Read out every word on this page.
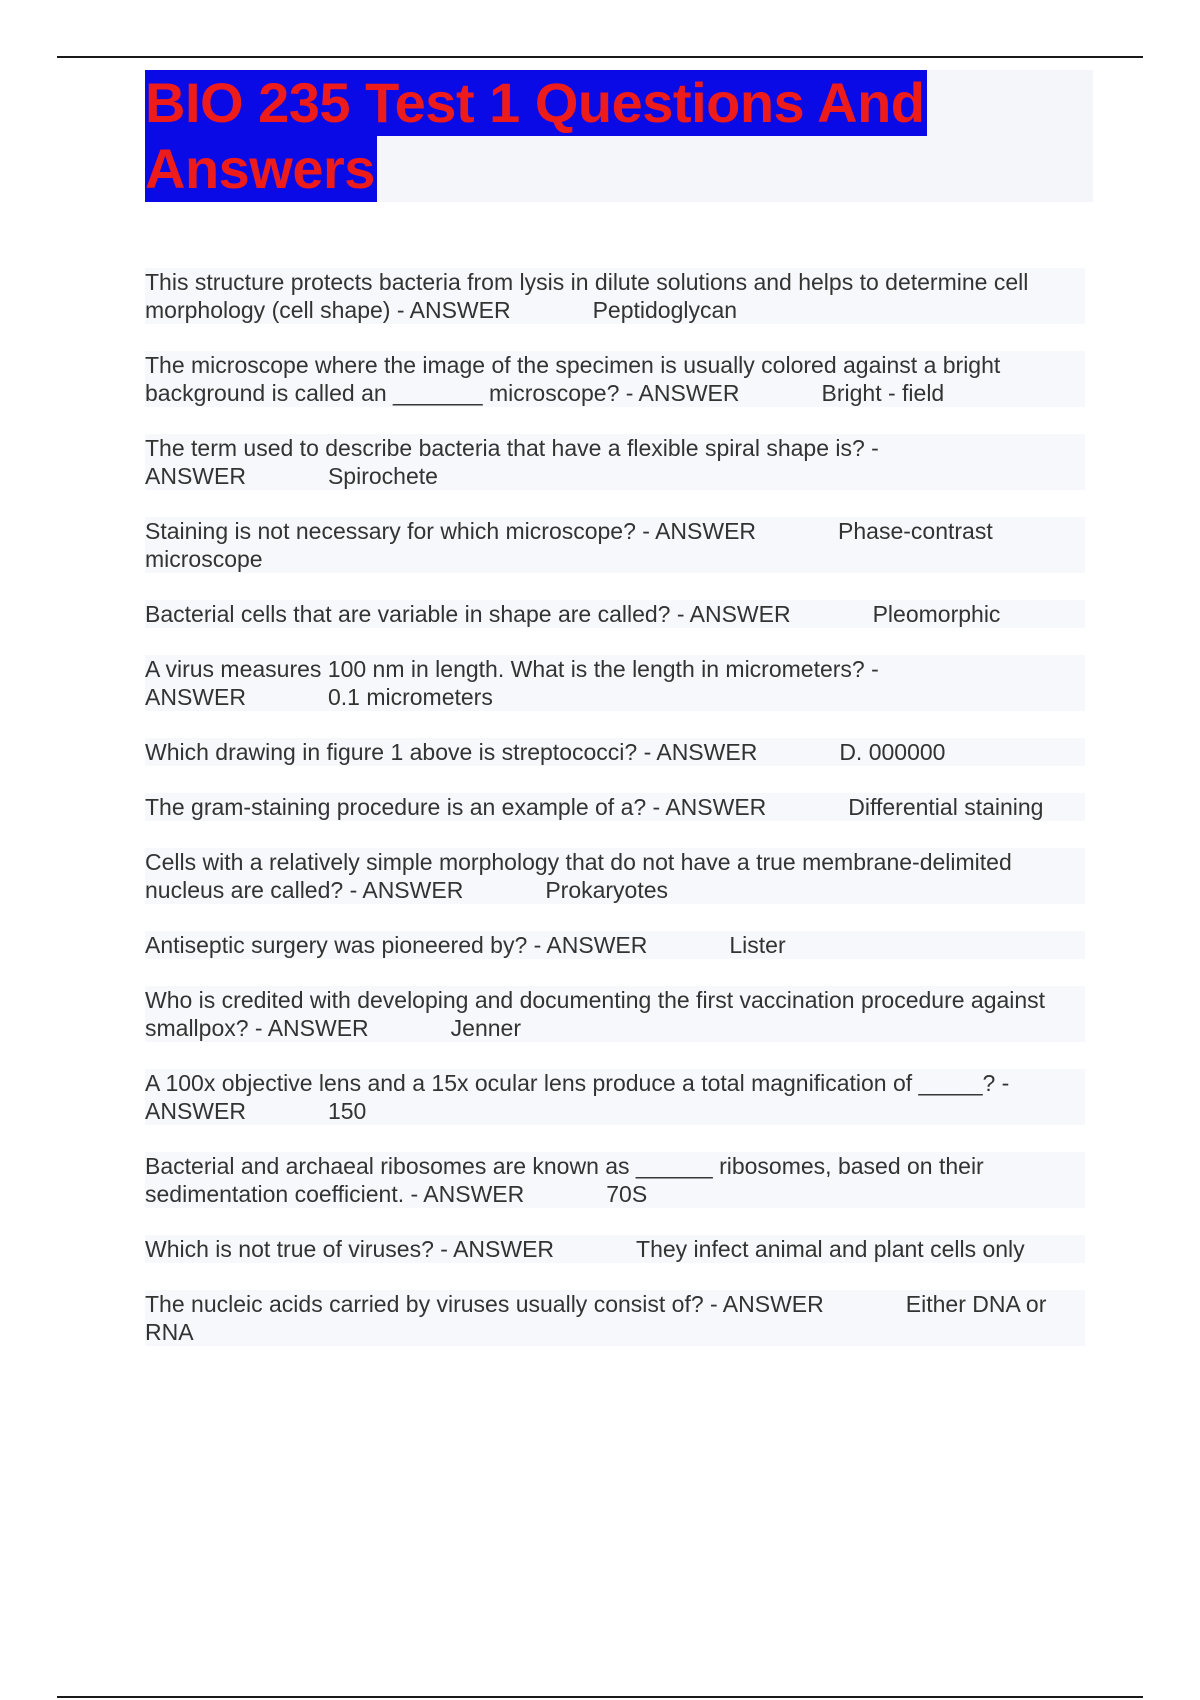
BIO 235 Test 1 Questions And
Answers
This structure protects bacteria from lysis in dilute solutions and helps to determine cell morphology (cell shape) - ANSWER	Peptidoglycan
The microscope where the image of the specimen is usually colored against a bright background is called an _______ microscope? - ANSWER	Bright - field
The term used to describe bacteria that have a flexible spiral shape is? - ANSWER	Spirochete
Staining is not necessary for which microscope? - ANSWER	Phase-contrast microscope
Bacterial cells that are variable in shape are called? - ANSWER	Pleomorphic
A virus measures 100 nm in length. What is the length in micrometers? - ANSWER	0.1 micrometers
Which drawing in figure 1 above is streptococci? - ANSWER	D. 000000
The gram-staining procedure is an example of a? - ANSWER	Differential staining
Cells with a relatively simple morphology that do not have a true membrane-delimited nucleus are called? - ANSWER	Prokaryotes
Antiseptic surgery was pioneered by? - ANSWER	Lister
Who is credited with developing and documenting the first vaccination procedure against smallpox? - ANSWER	Jenner
A 100x objective lens and a 15x ocular lens produce a total magnification of _____? - ANSWER	150
Bacterial and archaeal ribosomes are known as ______ ribosomes, based on their sedimentation coefficient. - ANSWER	70S
Which is not true of viruses? - ANSWER	They infect animal and plant cells only
The nucleic acids carried by viruses usually consist of? - ANSWER	Either DNA or RNA
